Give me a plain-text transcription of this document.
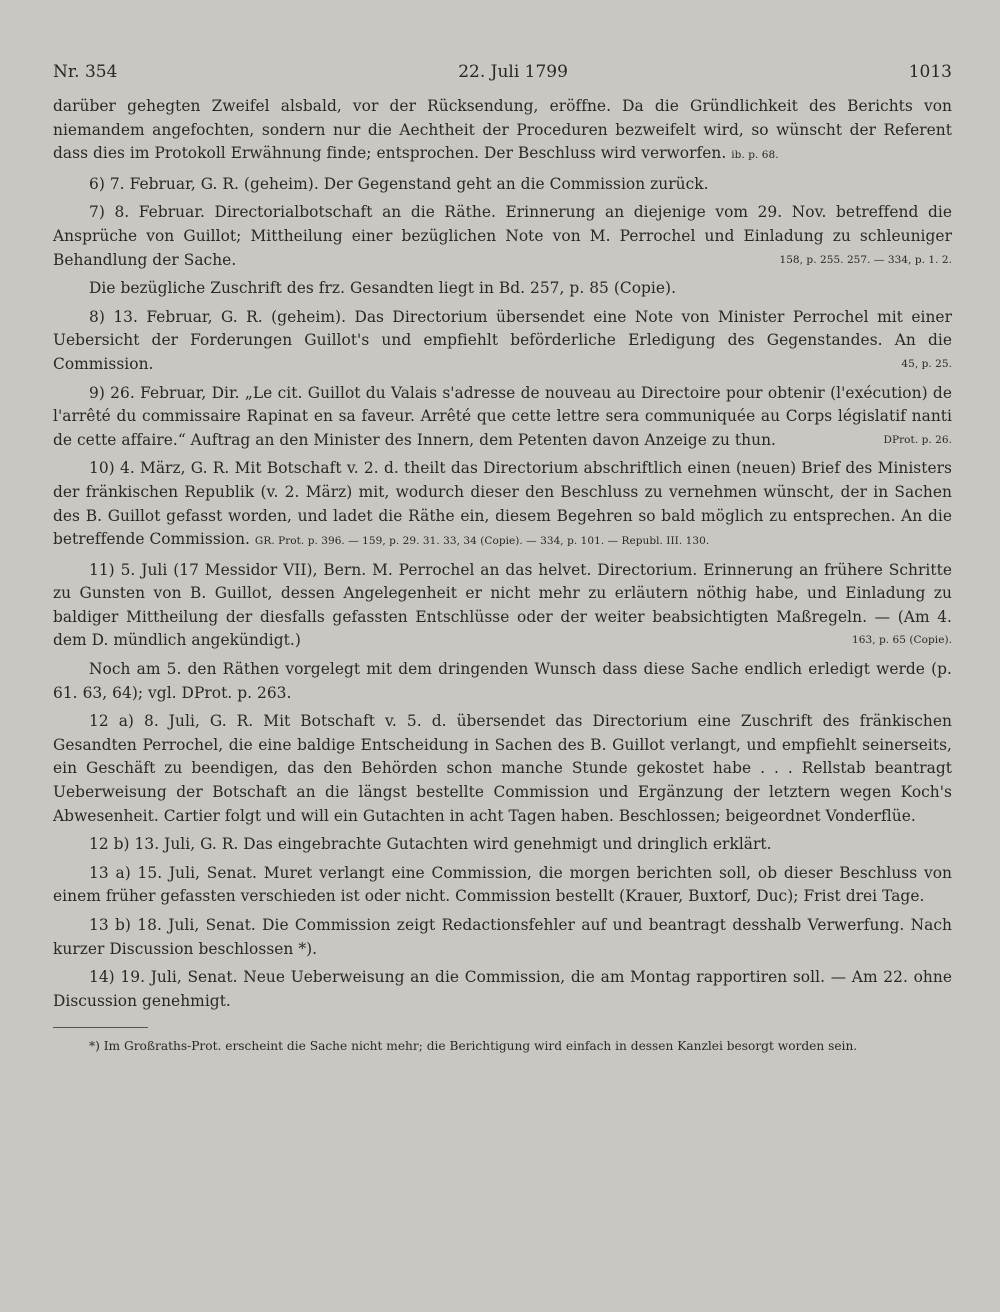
Nr. 354	22. Juli 1799	1013

darüber gehegten Zweifel alsbald, vor der Rücksendung, eröffne. Da die Gründlichkeit des Berichts von niemandem angefochten, sondern nur die Aechtheit der Proceduren bezweifelt wird, so wünscht der Referent dass dies im Protokoll Erwähnung finde; entsprochen. Der Beschluss wird verworfen. ib. p. 68.

6) 7. Februar, G. R. (geheim). Der Gegenstand geht an die Commission zurück.

7) 8. Februar. Directorialbotschaft an die Räthe. Erinnerung an diejenige vom 29. Nov. betreffend die Ansprüche von Guillot; Mittheilung einer bezüglichen Note von M. Perrochel und Einladung zu schleuniger Behandlung der Sache.	158, p. 255. 257. — 334, p. 1. 2.

Die bezügliche Zuschrift des frz. Gesandten liegt in Bd. 257, p. 85 (Copie).

8) 13. Februar, G. R. (geheim). Das Directorium übersendet eine Note von Minister Perrochel mit einer Uebersicht der Forderungen Guillot's und empfiehlt beförderliche Erledigung des Gegenstandes. An die Commission.	45, p. 25.

9) 26. Februar, Dir. „Le cit. Guillot du Valais s'adresse de nouveau au Directoire pour obtenir (l'exécution) de l'arrêté du commissaire Rapinat en sa faveur. Arrêté que cette lettre sera communiquée au Corps législatif nanti de cette affaire.“ Auftrag an den Minister des Innern, dem Petenten davon Anzeige zu thun.	DProt. p. 26.

10) 4. März, G. R. Mit Botschaft v. 2. d. theilt das Directorium abschriftlich einen (neuen) Brief des Ministers der fränkischen Republik (v. 2. März) mit, wodurch dieser den Beschluss zu vernehmen wünscht, der in Sachen des B. Guillot gefasst worden, und ladet die Räthe ein, diesem Begehren so bald möglich zu entsprechen. An die betreffende Commission. GR. Prot. p. 396. — 159, p. 29. 31. 33, 34 (Copie). — 334, p. 101. — Republ. III. 130.

11) 5. Juli (17 Messidor VII), Bern. M. Perrochel an das helvet. Directorium. Erinnerung an frühere Schritte zu Gunsten von B. Guillot, dessen Angelegenheit er nicht mehr zu erläutern nöthig habe, und Einladung zu baldiger Mittheilung der diesfalls gefassten Entschlüsse oder der weiter beabsichtigten Maßregeln. — (Am 4. dem D. mündlich angekündigt.)	163, p. 65 (Copie).

Noch am 5. den Räthen vorgelegt mit dem dringenden Wunsch dass diese Sache endlich erledigt werde (p. 61. 63, 64); vgl. DProt. p. 263.

12 a) 8. Juli, G. R. Mit Botschaft v. 5. d. übersendet das Directorium eine Zuschrift des fränkischen Gesandten Perrochel, die eine baldige Entscheidung in Sachen des B. Guillot verlangt, und empfiehlt seinerseits, ein Geschäft zu beendigen, das den Behörden schon manche Stunde gekostet habe . . . Rellstab beantragt Ueberweisung der Botschaft an die längst bestellte Commission und Ergänzung der letztern wegen Koch's Abwesenheit. Cartier folgt und will ein Gutachten in acht Tagen haben. Beschlossen; beigeordnet Vonderflüe.

12 b) 13. Juli, G. R. Das eingebrachte Gutachten wird genehmigt und dringlich erklärt.

13 a) 15. Juli, Senat. Muret verlangt eine Commission, die morgen berichten soll, ob dieser Beschluss von einem früher gefassten verschieden ist oder nicht. Commission bestellt (Krauer, Buxtorf, Duc); Frist drei Tage.

13 b) 18. Juli, Senat. Die Commission zeigt Redactionsfehler auf und beantragt desshalb Verwerfung. Nach kurzer Discussion beschlossen *).

14) 19. Juli, Senat. Neue Ueberweisung an die Commission, die am Montag rapportiren soll. — Am 22. ohne Discussion genehmigt.

*) Im Großraths-Prot. erscheint die Sache nicht mehr; die Berichtigung wird einfach in dessen Kanzlei besorgt worden sein.
